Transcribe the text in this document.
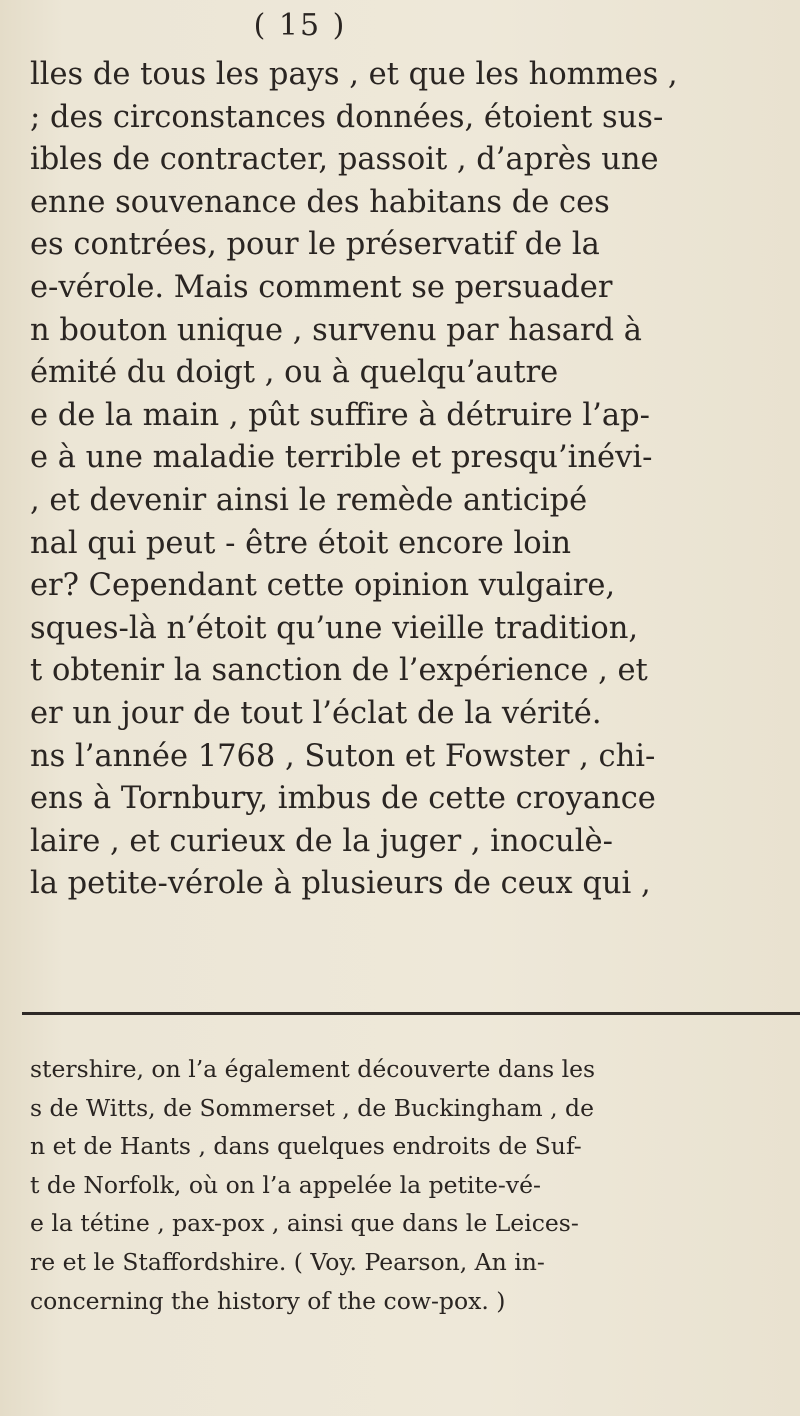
( 15 )
lles de tous les pays , et que les hommes ,
; des circonstances données, étoient sus-
ibles de contracter, passoit , d’après une
enne souvenance des habitans de ces
es contrées, pour le préservatif de la
e-vérole. Mais comment se persuader
n bouton unique , survenu par hasard à
émité du doigt , ou à quelqu’autre
e de la main , pût suffire à détruire l’ap-
e à une maladie terrible et presqu’inévi-
, et devenir ainsi le remède anticipé
nal qui peut - être étoit encore loin
er? Cependant cette opinion vulgaire,
sques-là n’étoit qu’une vieille tradition,
t obtenir la sanction de l’expérience , et
er un jour de tout l’éclat de la vérité.
ns l’année 1768 , Suton et Fowster , chi-
ens à Tornbury, imbus de cette croyance
laire , et curieux de la juger , inoculè-
la petite-vérole à plusieurs de ceux qui ,
stershire, on l’a également découverte dans les
s de Witts, de Sommerset , de Buckingham , de
n et de Hants , dans quelques endroits de Suf-
t de Norfolk, où on l’a appelée la petite-vé-
e la tétine , pax-pox , ainsi que dans le Leices-
re et le Staffordshire. ( Voy. Pearson, An in-
concerning the history of the cow-pox. )
